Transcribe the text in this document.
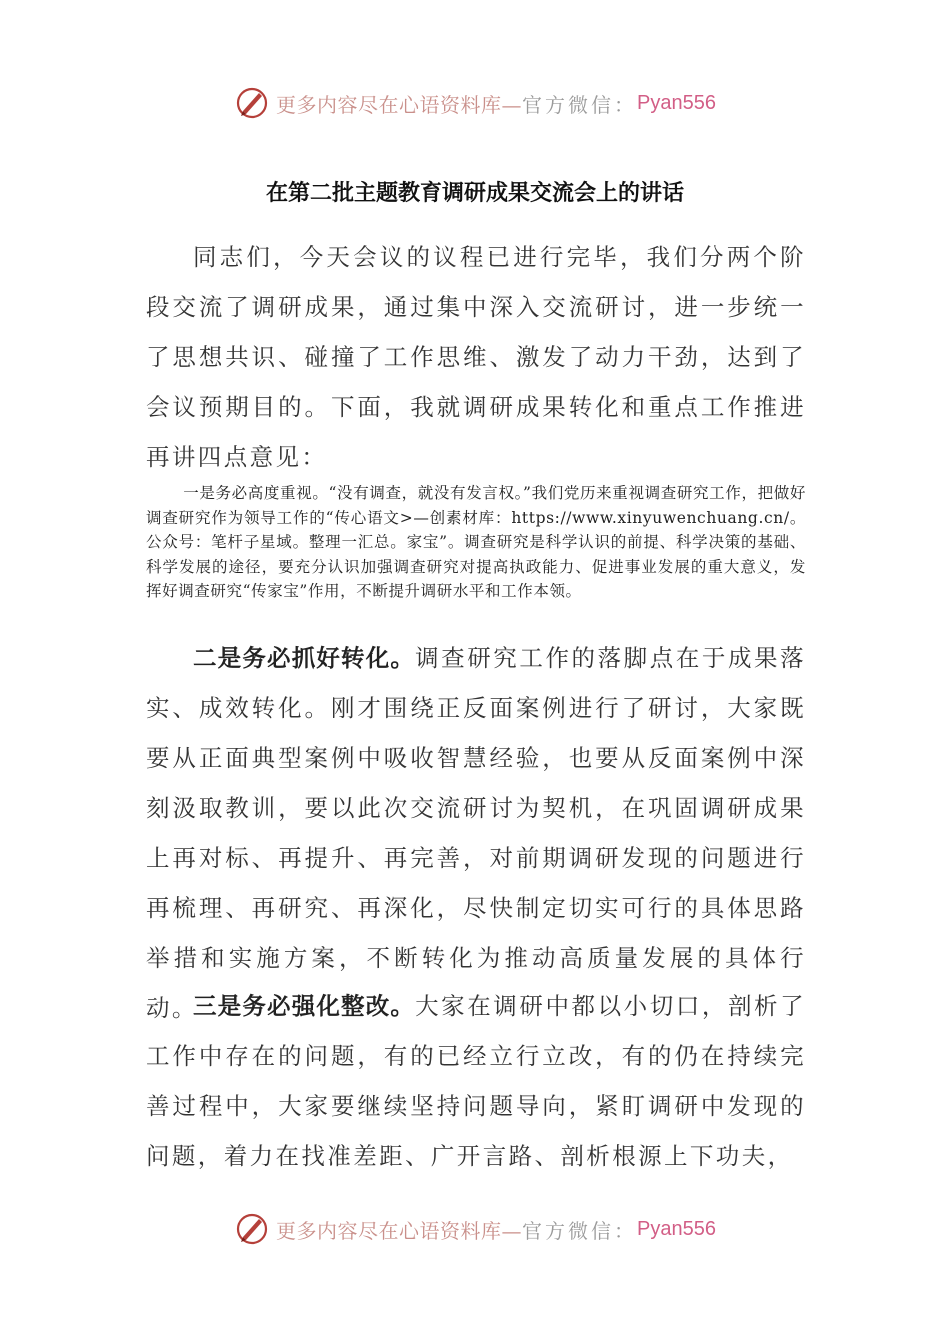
更多内容尽在心语资料库— 官方微信： Pyan556
在第二批主题教育调研成果交流会上的讲话

同志们，今天会议的议程已进行完毕，我们分两个阶段交流了调研成果，通过集中深入交流研讨，进一步统一了思想共识、碰撞了工作思维、激发了动力干劲，达到了会议预期目的。下面，我就调研成果转化和重点工作推进再讲四点意见：

一是务必高度重视。“没有调查，就没有发言权。”我们党历来重视调查研究工作，把做好调查研究作为领导工作的“传心语文>—创素材库：https://www.xinyuwenchuang.cn/。公众号：笔杆子星域。整理一汇总。家宝”。调查研究是科学认识的前提、科学决策的基础、科学发展的途径，要充分认识加强调查研究对提高执政能力、促进事业发展的重大意义，发挥好调查研究“传家宝”作用，不断提升调研水平和工作本领。

二是务必抓好转化。调查研究工作的落脚点在于成果落实、成效转化。刚才围绕正反面案例进行了研讨，大家既要从正面典型案例中吸收智慧经验，也要从反面案例中深刻汲取教训，要以此次交流研讨为契机，在巩固调研成果上再对标、再提升、再完善，对前期调研发现的问题进行再梳理、再研究、再深化，尽快制定切实可行的具体思路举措和实施方案，不断转化为推动高质量发展的具体行动。

三是务必强化整改。大家在调研中都以小切口，剖析了工作中存在的问题，有的已经立行立改，有的仍在持续完善过程中，大家要继续坚持问题导向，紧盯调研中发现的问题，着力在找准差距、广开言路、剖析根源上下功夫，

更多内容尽在心语资料库— 官方微信： Pyan556
